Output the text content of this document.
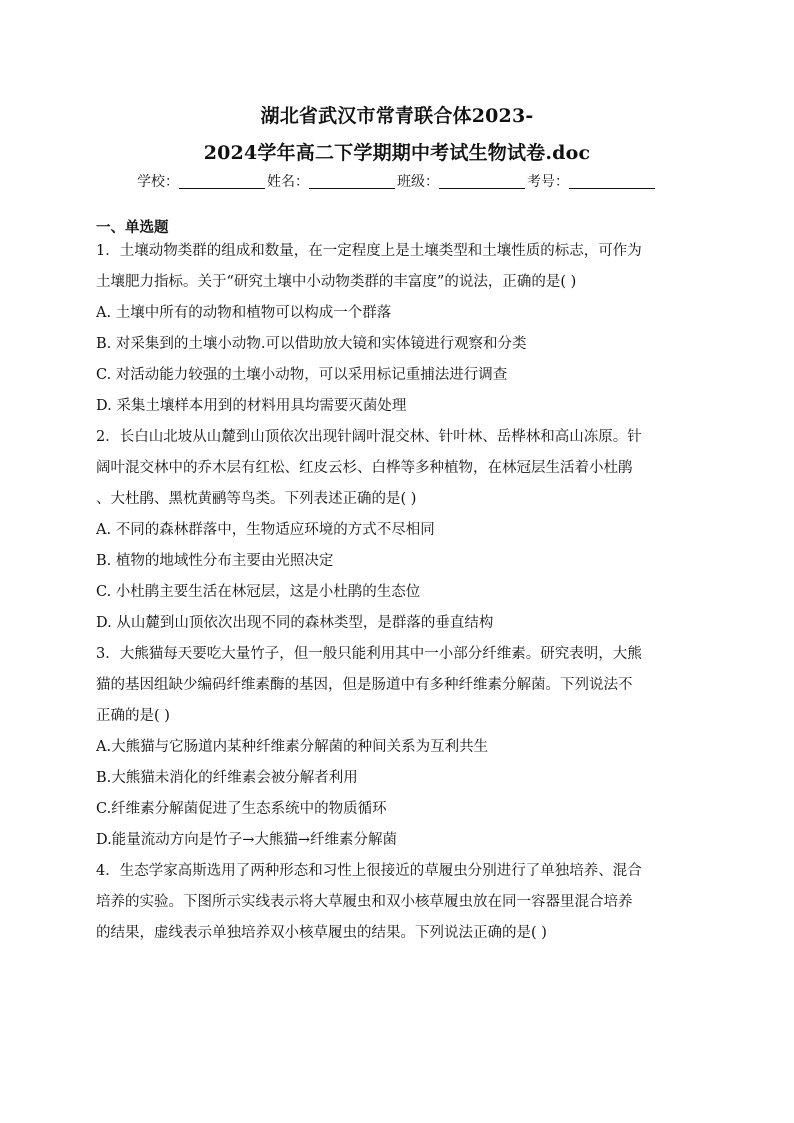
湖北省武汉市常青联合体2023-
2024学年高二下学期期中考试生物试卷.doc
学校：	姓名：	班级：	考号：
一、单选题
1．土壤动物类群的组成和数量，在一定程度上是土壤类型和土壤性质的标志，可作为
土壤肥力指标。关于“研究土壤中小动物类群的丰富度”的说法，正确的是( )
A. 土壤中所有的动物和植物可以构成一个群落
B. 对采集到的土壤小动物.可以借助放大镜和实体镜进行观察和分类
C. 对活动能力较强的土壤小动物，可以采用标记重捕法进行调查
D. 采集土壤样本用到的材料用具均需要灭菌处理
2．长白山北坡从山麓到山顶依次出现针阔叶混交林、针叶林、岳桦林和高山冻原。针
阔叶混交林中的乔木层有红松、红皮云杉、白桦等多种植物，在林冠层生活着小杜鹃
、大杜鹃、黑枕黄鹂等鸟类。下列表述正确的是( )
A. 不同的森林群落中，生物适应环境的方式不尽相同
B. 植物的地域性分布主要由光照决定
C. 小杜鹃主要生活在林冠层，这是小杜鹃的生态位
D. 从山麓到山顶依次出现不同的森林类型，是群落的垂直结构
3．大熊猫每天要吃大量竹子，但一般只能利用其中一小部分纤维素。研究表明，大熊
猫的基因组缺少编码纤维素酶的基因，但是肠道中有多种纤维素分解菌。下列说法不
正确的是( )
A.大熊猫与它肠道内某种纤维素分解菌的种间关系为互利共生
B.大熊猫未消化的纤维素会被分解者利用
C.纤维素分解菌促进了生态系统中的物质循环
D.能量流动方向是竹子→大熊猫→纤维素分解菌
4．生态学家高斯选用了两种形态和习性上很接近的草履虫分别进行了单独培养、混合
培养的实验。下图所示实线表示将大草履虫和双小核草履虫放在同一容器里混合培养
的结果，虚线表示单独培养双小核草履虫的结果。下列说法正确的是( )
